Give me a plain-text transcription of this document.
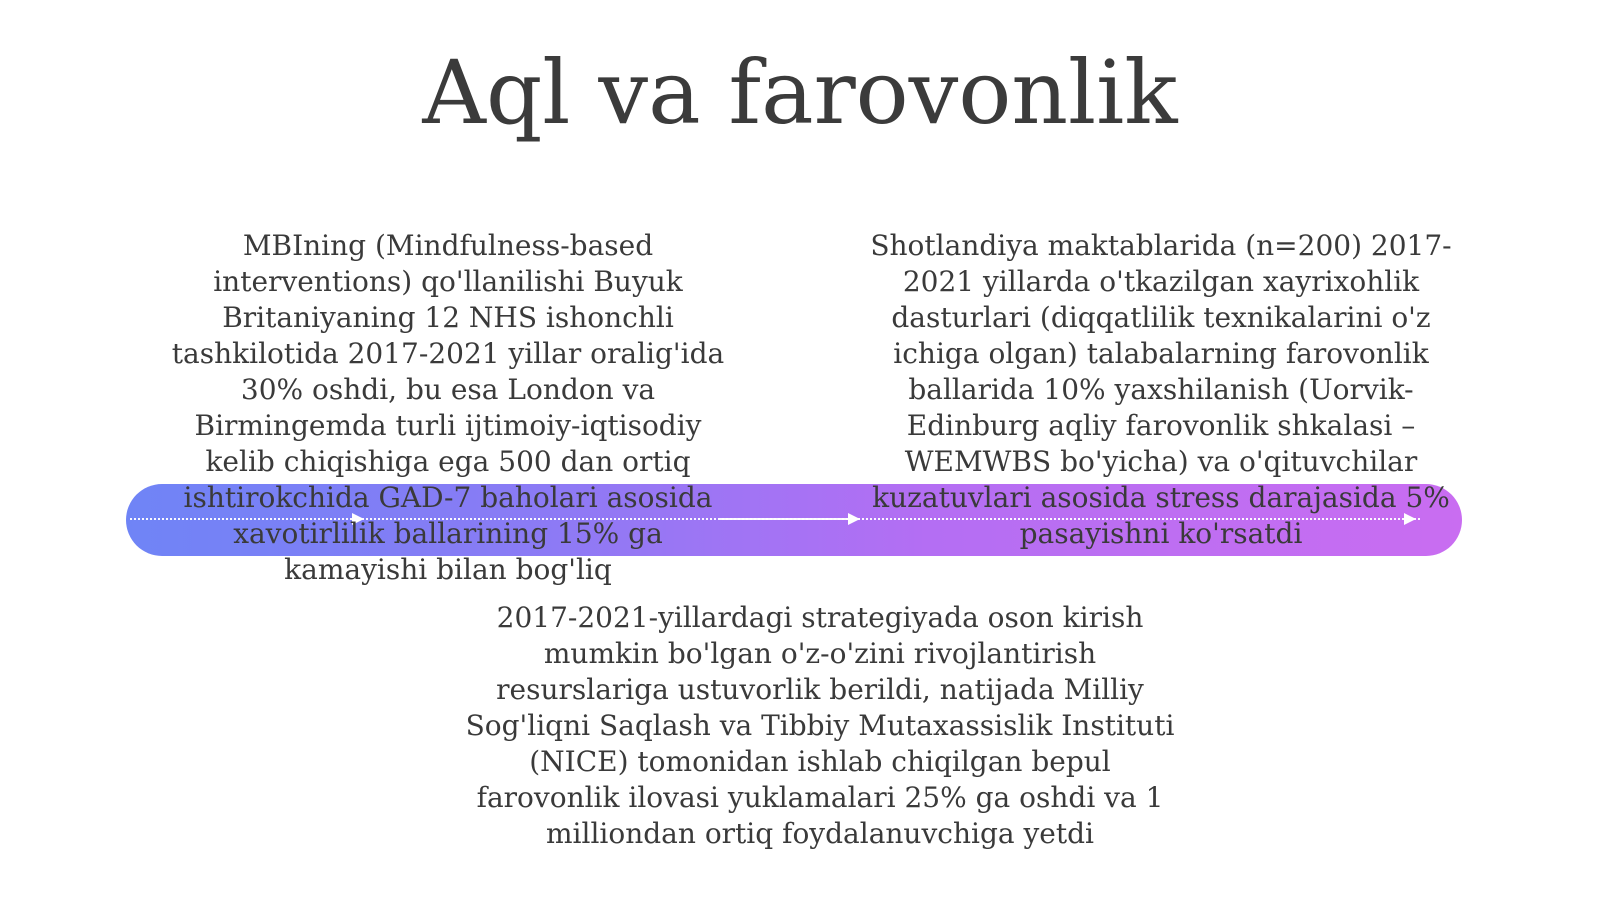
Aql va farovonlik
MBIning (Mindfulness-based interventions) qo'llanilishi Buyuk Britaniyaning 12 NHS ishonchli tashkilotida 2017-2021 yillar oralig'ida 30% oshdi, bu esa London va Birmingemda turli ijtimoiy-iqtisodiy kelib chiqishiga ega 500 dan ortiq ishtirokchida GAD-7 baholari asosida xavotirlilik ballarining 15% ga kamayishi bilan bog'liq
Shotlandiya maktablarida (n=200) 2017-2021 yillarda o'tkazilgan xayrixohlik dasturlari (diqqatlilik texnikalarini o'z ichiga olgan) talabalarning farovonlik ballarida 10% yaxshilanish (Uorvik-Edinburg aqliy farovonlik shkalasi – WEMWBS bo'yicha) va o'qituvchilar kuzatuvlari asosida stress darajasida 5% pasayishni ko'rsatdi
2017-2021-yillardagi strategiyada oson kirish mumkin bo'lgan o'z-o'zini rivojlantirish resurslariga ustuvorlik berildi, natijada Milliy Sog'liqni Saqlash va Tibbiy Mutaxassislik Instituti (NICE) tomonidan ishlab chiqilgan bepul farovonlik ilovasi yuklamalari 25% ga oshdi va 1 milliondan ortiq foydalanuvchiga yetdi
